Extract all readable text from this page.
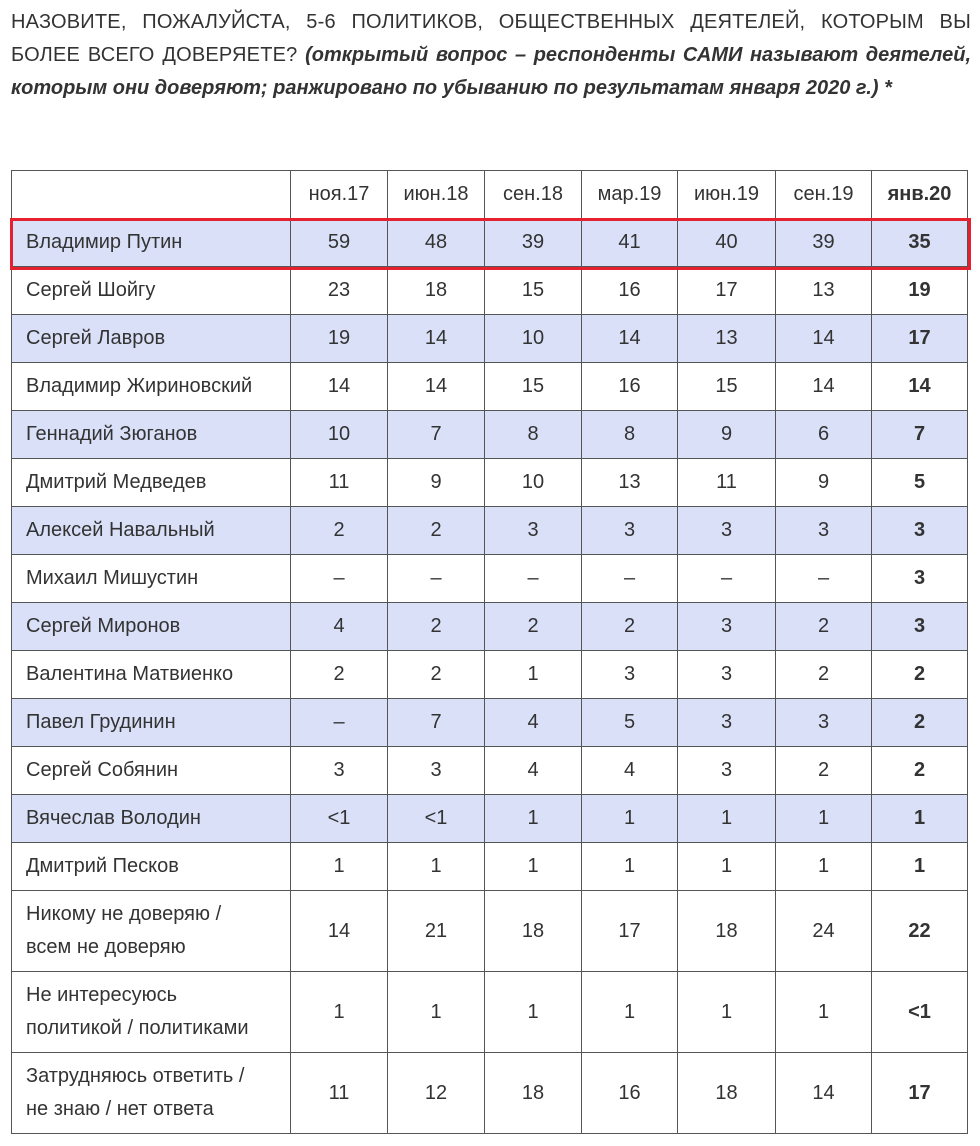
НАЗОВИТЕ, ПОЖАЛУЙСТА, 5-6 ПОЛИТИКОВ, ОБЩЕСТВЕННЫХ ДЕЯТЕЛЕЙ, КОТОРЫМ ВЫ БОЛЕЕ ВСЕГО ДОВЕРЯЕТЕ? (открытый вопрос – респонденты САМИ называют деятелей, которым они доверяют; ранжировано по убыванию по результатам января 2020 г.) *
	ноя.17	июн.18	сен.18	мар.19	июн.19	сен.19	янв.20
Владимир Путин	59	48	39	41	40	39	35
Сергей Шойгу	23	18	15	16	17	13	19
Сергей Лавров	19	14	10	14	13	14	17
Владимир Жириновский	14	14	15	16	15	14	14
Геннадий Зюганов	10	7	8	8	9	6	7
Дмитрий Медведев	11	9	10	13	11	9	5
Алексей Навальный	2	2	3	3	3	3	3
Михаил Мишустин	–	–	–	–	–	–	3
Сергей Миронов	4	2	2	2	3	2	3
Валентина Матвиенко	2	2	1	3	3	2	2
Павел Грудинин	–	7	4	5	3	3	2
Сергей Собянин	3	3	4	4	3	2	2
Вячеслав Володин	<1	<1	1	1	1	1	1
Дмитрий Песков	1	1	1	1	1	1	1
Никому не доверяю /
всем не доверяю	14	21	18	17	18	24	22
Не интересуюсь
политикой / политиками	1	1	1	1	1	1	<1
Затрудняюсь ответить /
не знаю / нет ответа	11	12	18	16	18	14	17
